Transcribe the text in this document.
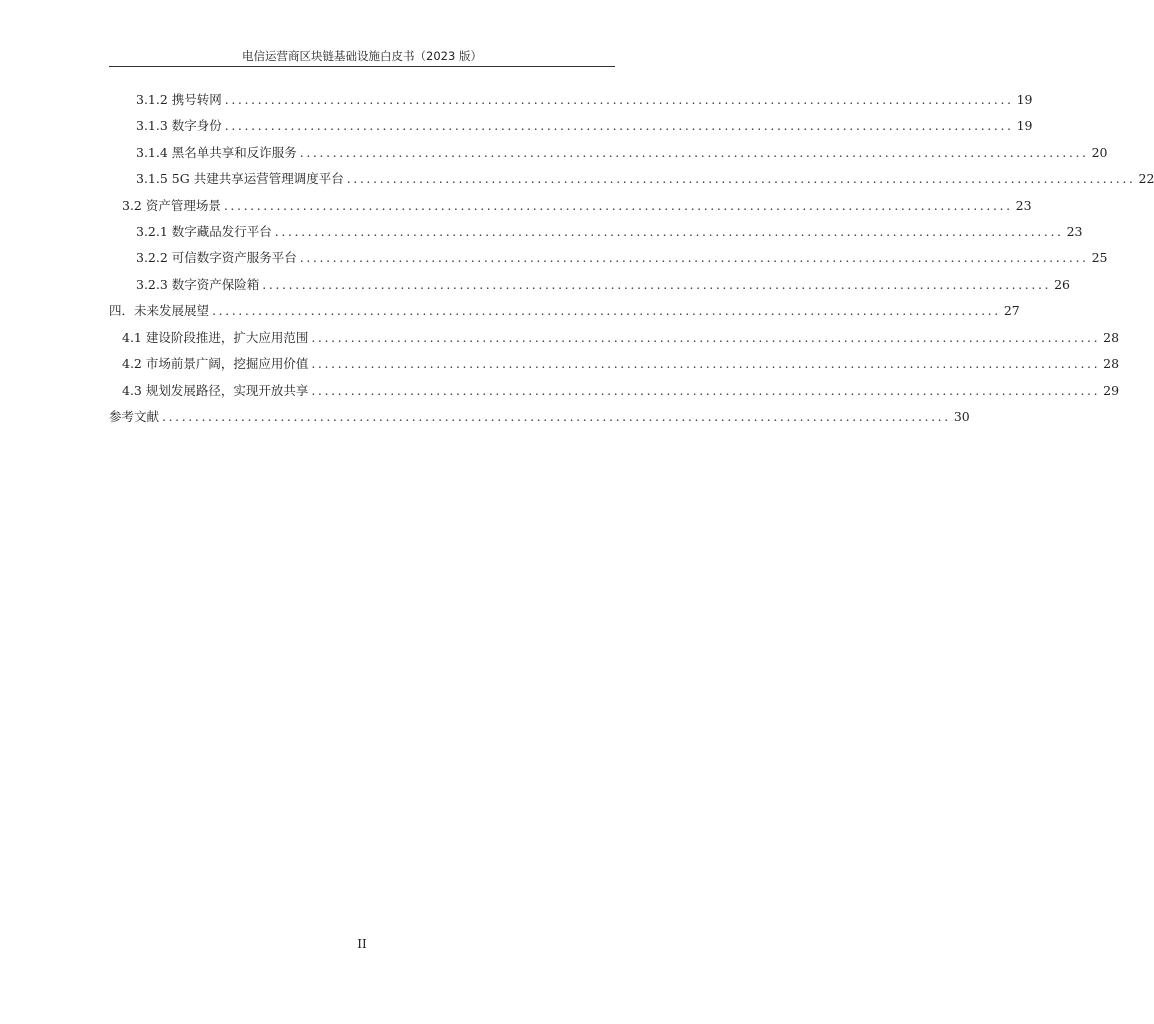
电信运营商区块链基础设施白皮书（2023 版）
3.1.2 携号转网 ........................................................................................................................ 19
3.1.3 数字身份 ........................................................................................................................ 19
3.1.4 黑名单共享和反诈服务 ........................................................................................................................ 20
3.1.5 5G 共建共享运营管理调度平台 ........................................................................................................................ 22
3.2 资产管理场景 ........................................................................................................................ 23
3.2.1 数字藏品发行平台 ........................................................................................................................ 23
3.2.2 可信数字资产服务平台 ........................................................................................................................ 25
3.2.3 数字资产保险箱 ........................................................................................................................ 26
四．未来发展展望 ........................................................................................................................ 27
4.1 建设阶段推进，扩大应用范围 ........................................................................................................................ 28
4.2 市场前景广阔，挖掘应用价值 ........................................................................................................................ 28
4.3 规划发展路径，实现开放共享 ........................................................................................................................ 29
参考文献 ........................................................................................................................ 30
II
